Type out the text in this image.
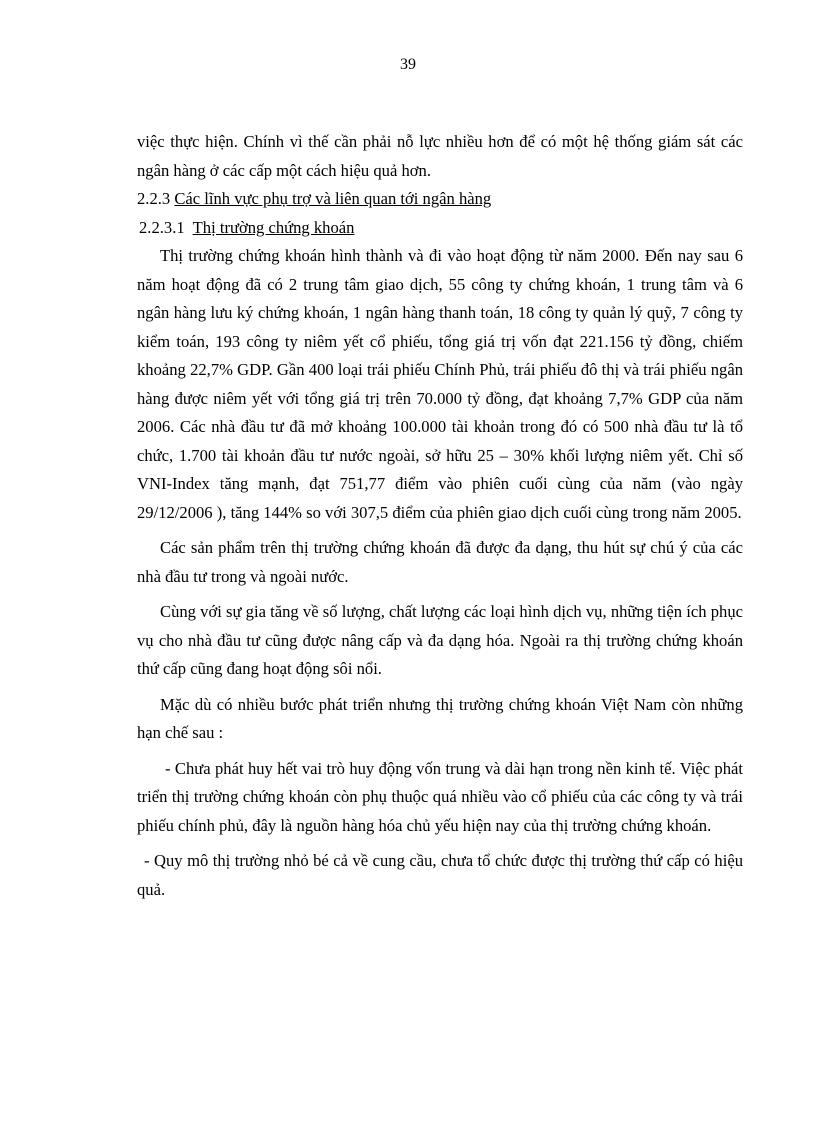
39

việc thực hiện. Chính vì thế cần phải nỗ lực nhiều hơn để có một hệ thống giám sát các ngân hàng ở các cấp một cách hiệu quả hơn.

2.2.3 Các lĩnh vực phụ trợ và liên quan tới ngân hàng

2.2.3.1 Thị trường chứng khoán

Thị trường chứng khoán hình thành và đi vào hoạt động từ năm 2000. Đến nay sau 6 năm hoạt động đã có 2 trung tâm giao dịch, 55 công ty chứng khoán, 1 trung tâm và 6 ngân hàng lưu ký chứng khoán, 1 ngân hàng thanh toán, 18 công ty quản lý quỹ, 7 công ty kiểm toán, 193 công ty niêm yết cổ phiếu, tổng giá trị vốn đạt 221.156 tỷ đồng, chiếm khoảng 22,7% GDP. Gần 400 loại trái phiếu Chính Phủ, trái phiếu đô thị và trái phiếu ngân hàng được niêm yết với tổng giá trị trên 70.000 tỷ đồng, đạt khoảng 7,7% GDP của năm 2006. Các nhà đầu tư đã mở khoảng 100.000 tài khoản trong đó có 500 nhà đầu tư là tổ chức, 1.700 tài khoản đầu tư nước ngoài, sở hữu 25 – 30% khối lượng niêm yết. Chỉ số VNI-Index tăng mạnh, đạt 751,77 điểm vào phiên cuối cùng của năm (vào ngày 29/12/2006 ), tăng 144% so với 307,5 điểm của phiên giao dịch cuối cùng trong năm 2005.

Các sản phẩm trên thị trường chứng khoán đã được đa dạng, thu hút sự chú ý của các nhà đầu tư trong và ngoài nước.

Cùng với sự gia tăng về số lượng, chất lượng các loại hình dịch vụ, những tiện ích phục vụ cho nhà đầu tư cũng được nâng cấp và đa dạng hóa. Ngoài ra thị trường chứng khoán thứ cấp cũng đang hoạt động sôi nổi.

Mặc dù có nhiều bước phát triển nhưng thị trường chứng khoán Việt Nam còn những hạn chế sau :

- Chưa phát huy hết vai trò huy động vốn trung và dài hạn trong nền kinh tế. Việc phát triển thị trường chứng khoán còn phụ thuộc quá nhiều vào cổ phiếu của các công ty và trái phiếu chính phủ, đây là nguồn hàng hóa chủ yếu hiện nay của thị trường chứng khoán.

- Quy mô thị trường nhỏ bé cả về cung cầu, chưa tổ chức được thị trường thứ cấp có hiệu quả.
